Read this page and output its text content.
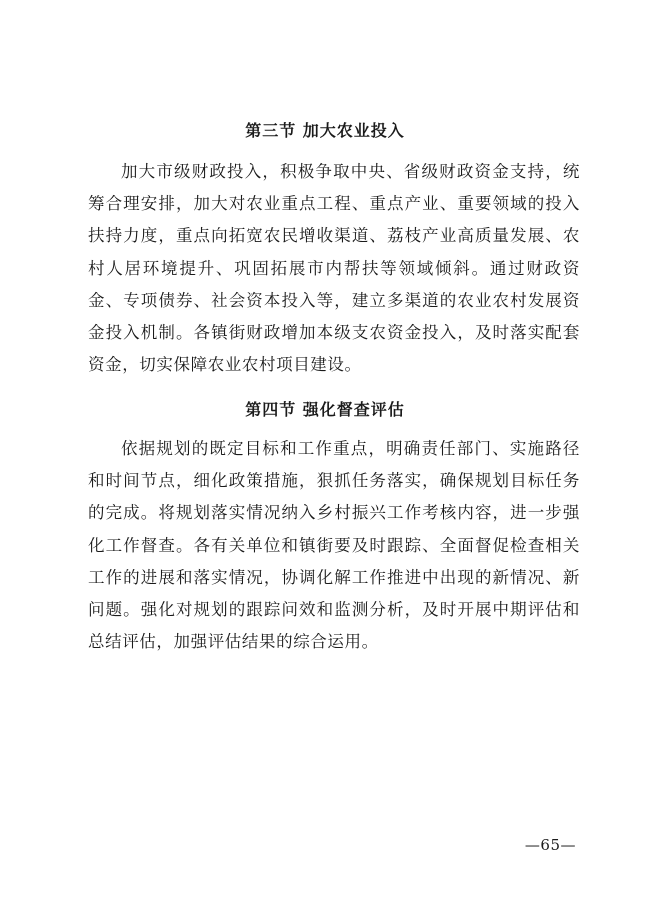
第三节 加大农业投入
加大市级财政投入，积极争取中央、省级财政资金支持，统筹合理安排，加大对农业重点工程、重点产业、重要领域的投入扶持力度，重点向拓宽农民增收渠道、荔枝产业高质量发展、农村人居环境提升、巩固拓展市内帮扶等领域倾斜。通过财政资金、专项债券、社会资本投入等，建立多渠道的农业农村发展资金投入机制。各镇街财政增加本级支农资金投入，及时落实配套资金，切实保障农业农村项目建设。
第四节 强化督查评估
依据规划的既定目标和工作重点，明确责任部门、实施路径和时间节点，细化政策措施，狠抓任务落实，确保规划目标任务的完成。将规划落实情况纳入乡村振兴工作考核内容，进一步强化工作督查。各有关单位和镇街要及时跟踪、全面督促检查相关工作的进展和落实情况，协调化解工作推进中出现的新情况、新问题。强化对规划的跟踪问效和监测分析，及时开展中期评估和总结评估，加强评估结果的综合运用。
—65—
